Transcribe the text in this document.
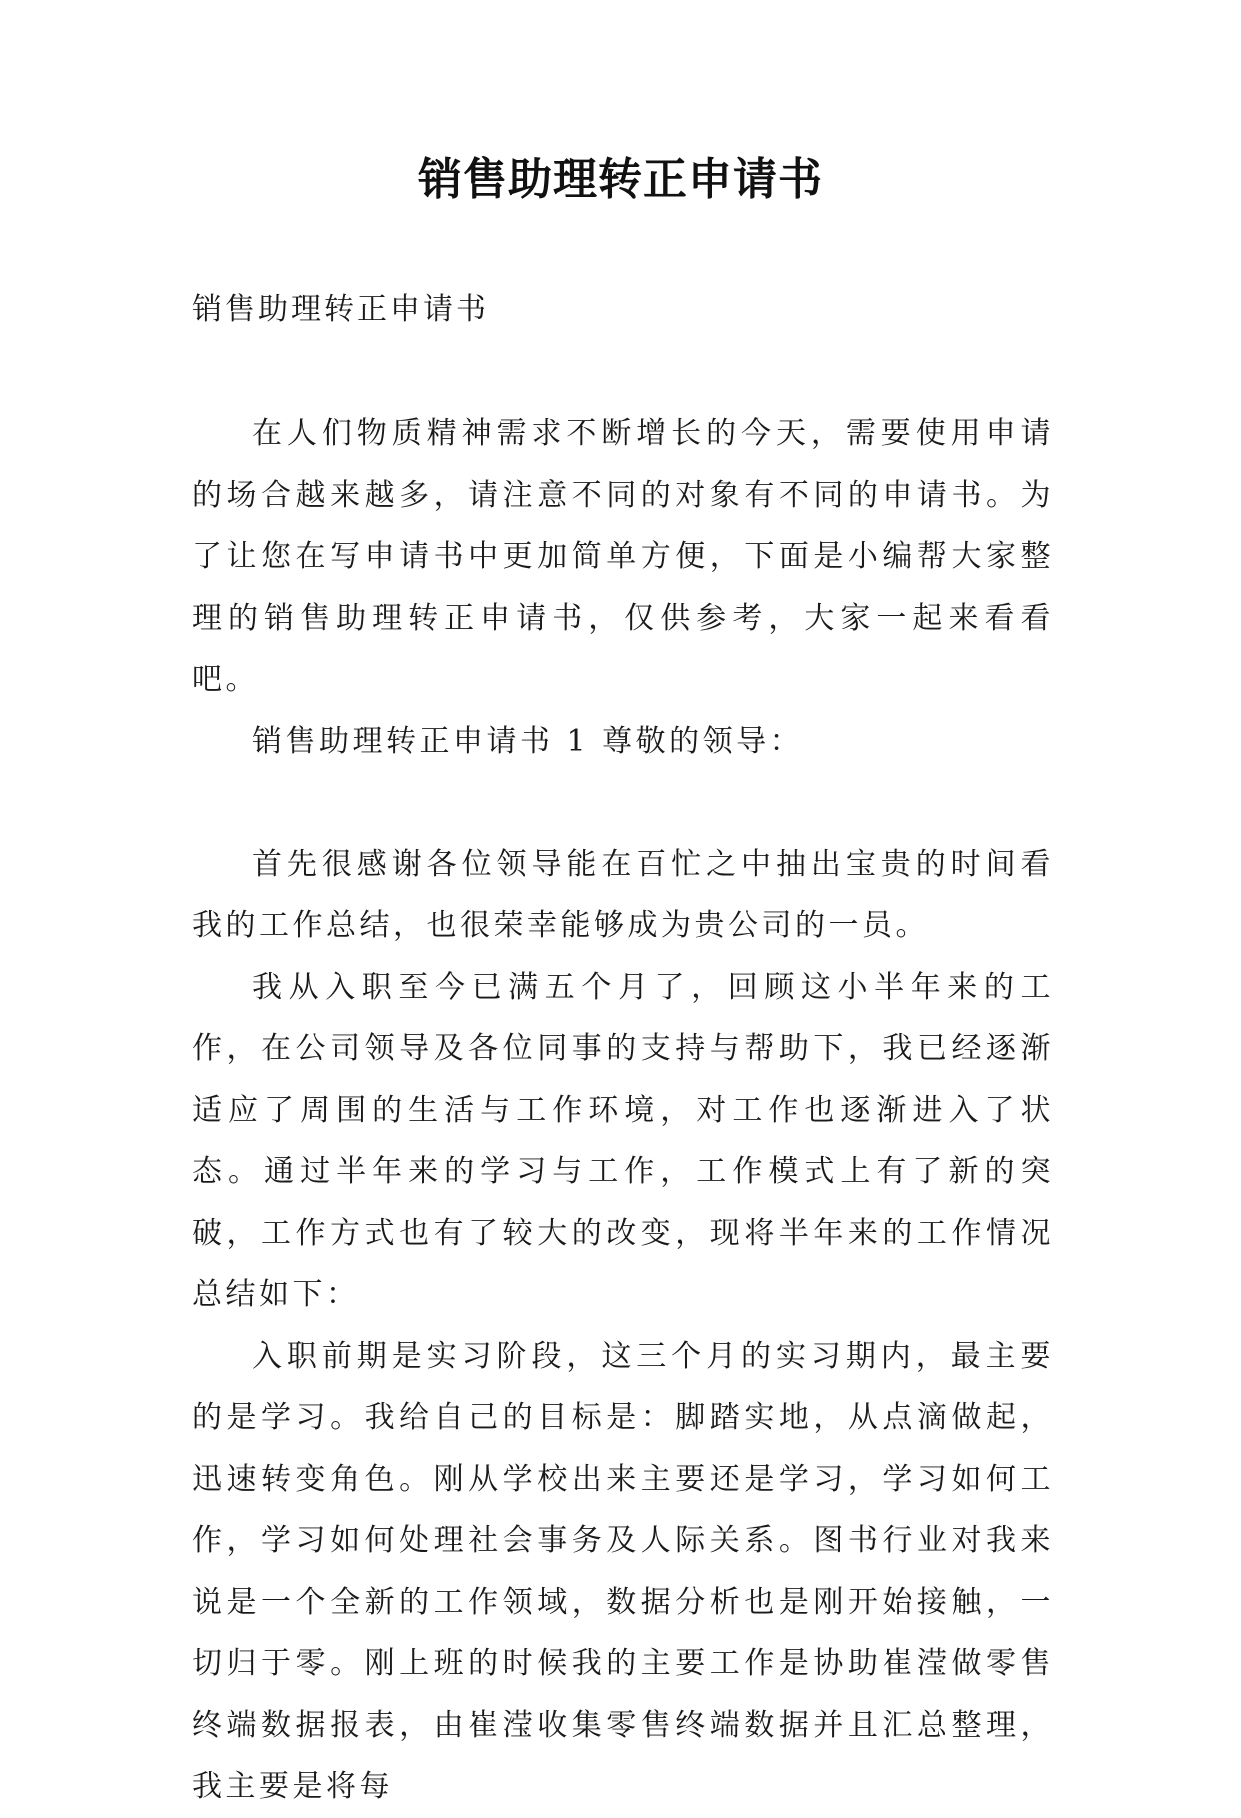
销售助理转正申请书

销售助理转正申请书

在人们物质精神需求不断增长的今天，需要使用申请的场合越来越多，请注意不同的对象有不同的申请书。为了让您在写申请书中更加简单方便，下面是小编帮大家整理的销售助理转正申请书，仅供参考，大家一起来看看吧。

销售助理转正申请书 1 尊敬的领导：

首先很感谢各位领导能在百忙之中抽出宝贵的时间看我的工作总结，也很荣幸能够成为贵公司的一员。

我从入职至今已满五个月了，回顾这小半年来的工作，在公司领导及各位同事的支持与帮助下，我已经逐渐适应了周围的生活与工作环境，对工作也逐渐进入了状态。通过半年来的学习与工作，工作模式上有了新的突破，工作方式也有了较大的改变，现将半年来的工作情况总结如下：

入职前期是实习阶段，这三个月的实习期内，最主要的是学习。我给自己的目标是：脚踏实地，从点滴做起，迅速转变角色。刚从学校出来主要还是学习，学习如何工作，学习如何处理社会事务及人际关系。图书行业对我来说是一个全新的工作领域，数据分析也是刚开始接触，一切归于零。刚上班的时候我的主要工作是协助崔滢做零售终端数据报表，由崔滢收集零售终端数据并且汇总整理，我主要是将每
